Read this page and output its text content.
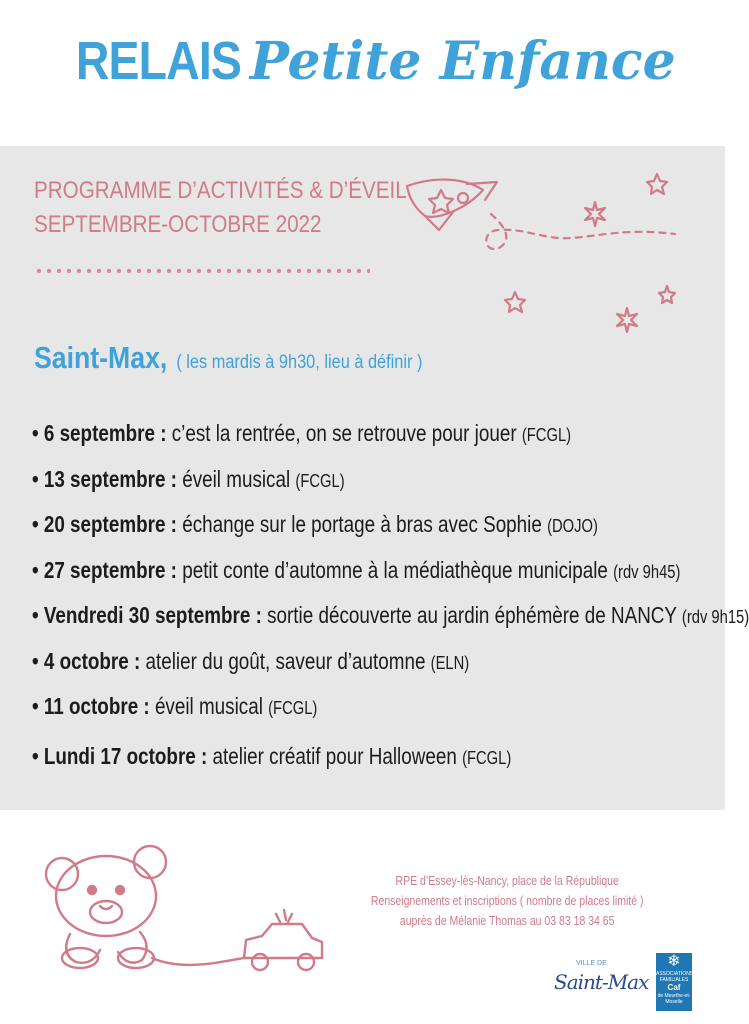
RELAIS Petite Enfance
PROGRAMME D’ACTIVITÉS & D’ÉVEIL
SEPTEMBRE-OCTOBRE 2022
Saint-Max, ( les mardis à 9h30, lieu à définir )
• 6 septembre : c’est la rentrée, on se retrouve pour jouer (FCGL)
• 13 septembre : éveil musical (FCGL)
• 20 septembre : échange sur le portage à bras avec Sophie (DOJO)
• 27 septembre : petit conte d’automne à la médiathèque municipale (rdv 9h45)
• Vendredi 30 septembre : sortie découverte au jardin éphémère de NANCY (rdv 9h15)
• 4 octobre : atelier du goût, saveur d’automne (ELN)
• 11 octobre : éveil musical (FCGL)
• Lundi 17 octobre : atelier créatif pour Halloween (FCGL)
RPE d’Essey-lès-Nancy, place de la République
Renseignements et inscriptions ( nombre de places limité )
auprès de Mélanie Thomas au 03 83 18 34 65
VILLE DE
Saint-Max
❄
ASSOCIATIONS FAMILIALES
Caf
de Meurthe-et-Moselle
